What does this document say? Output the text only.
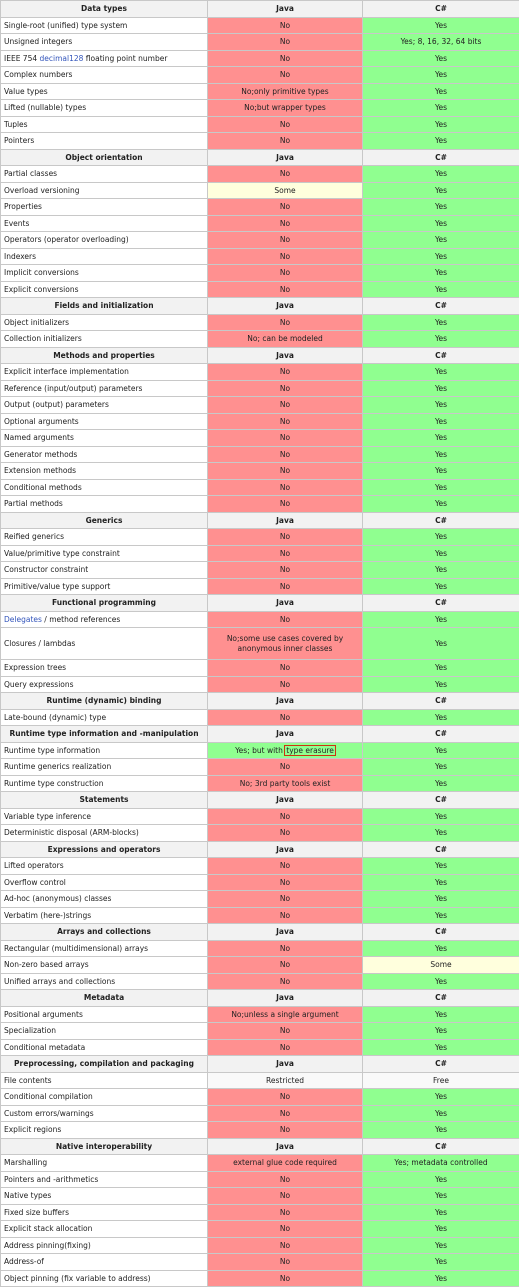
Data types	Java	C#
Single-root (unified) type system	No	Yes
Unsigned integers	No	Yes; 8, 16, 32, 64 bits
IEEE 754 decimal128 floating point number	No	Yes
Complex numbers	No	Yes
Value types	No;only primitive types	Yes
Lifted (nullable) types	No;but wrapper types	Yes
Tuples	No	Yes
Pointers	No	Yes
Object orientation	Java	C#
Partial classes	No	Yes
Overload versioning	Some	Yes
Properties	No	Yes
Events	No	Yes
Operators (operator overloading)	No	Yes
Indexers	No	Yes
Implicit conversions	No	Yes
Explicit conversions	No	Yes
Fields and initialization	Java	C#
Object initializers	No	Yes
Collection initializers	No; can be modeled	Yes
Methods and properties	Java	C#
Explicit interface implementation	No	Yes
Reference (input/output) parameters	No	Yes
Output (output) parameters	No	Yes
Optional arguments	No	Yes
Named arguments	No	Yes
Generator methods	No	Yes
Extension methods	No	Yes
Conditional methods	No	Yes
Partial methods	No	Yes
Generics	Java	C#
Reified generics	No	Yes
Value/primitive type constraint	No	Yes
Constructor constraint	No	Yes
Primitive/value type support	No	Yes
Functional programming	Java	C#
Delegates / method references	No	Yes
Closures / lambdas	No;some use cases covered by anonymous inner classes	Yes
Expression trees	No	Yes
Query expressions	No	Yes
Runtime (dynamic) binding	Java	C#
Late-bound (dynamic) type	No	Yes
Runtime type information and -manipulation	Java	C#
Runtime type information	Yes; but with type erasure	Yes
Runtime generics realization	No	Yes
Runtime type construction	No; 3rd party tools exist	Yes
Statements	Java	C#
Variable type inference	No	Yes
Deterministic disposal (ARM-blocks)	No	Yes
Expressions and operators	Java	C#
Lifted operators	No	Yes
Overflow control	No	Yes
Ad-hoc (anonymous) classes	No	Yes
Verbatim (here-)strings	No	Yes
Arrays and collections	Java	C#
Rectangular (multidimensional) arrays	No	Yes
Non-zero based arrays	No	Some
Unified arrays and collections	No	Yes
Metadata	Java	C#
Positional arguments	No;unless a single argument	Yes
Specialization	No	Yes
Conditional metadata	No	Yes
Preprocessing, compilation and packaging	Java	C#
File contents	Restricted	Free
Conditional compilation	No	Yes
Custom errors/warnings	No	Yes
Explicit regions	No	Yes
Native interoperability	Java	C#
Marshalling	external glue code required	Yes; metadata controlled
Pointers and -arithmetics	No	Yes
Native types	No	Yes
Fixed size buffers	No	Yes
Explicit stack allocation	No	Yes
Address pinning(fixing)	No	Yes
Address-of	No	Yes
Object pinning (fix variable to address)	No	Yes
